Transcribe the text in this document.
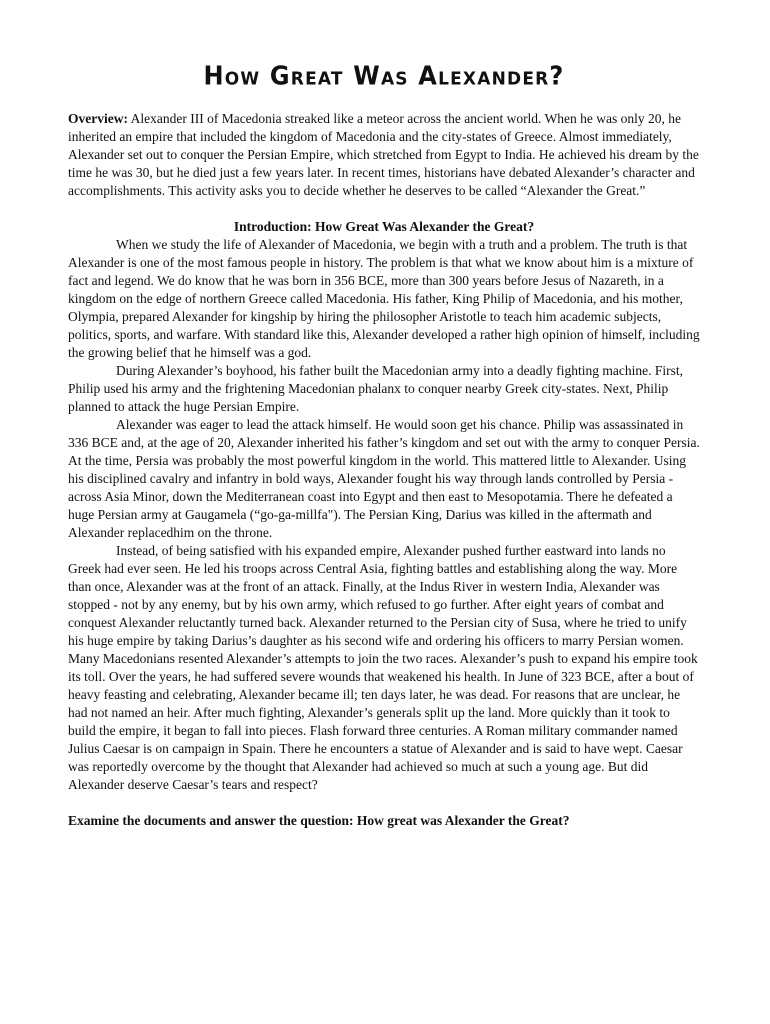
How Great Was Alexander?

Overview: Alexander III of Macedonia streaked like a meteor across the ancient world. When he was only 20, he inherited an empire that included the kingdom of Macedonia and the city-states of Greece. Almost immediately, Alexander set out to conquer the Persian Empire, which stretched from Egypt to India. He achieved his dream by the time he was 30, but he died just a few years later. In recent times, historians have debated Alexander’s character and accomplishments. This activity asks you to decide whether he deserves to be called “Alexander the Great.”

Introduction: How Great Was Alexander the Great?

When we study the life of Alexander of Macedonia, we begin with a truth and a problem. The truth is that Alexander is one of the most famous people in history. The problem is that what we know about him is a mixture of fact and legend. We do know that he was born in 356 BCE, more than 300 years before Jesus of Nazareth, in a kingdom on the edge of northern Greece called Macedonia. His father, King Philip of Macedonia, and his mother, Olympia, prepared Alexander for kingship by hiring the philosopher Aristotle to teach him academic subjects, politics, sports, and warfare. With standard like this, Alexander developed a rather high opinion of himself, including the growing belief that he himself was a god.

During Alexander’s boyhood, his father built the Macedonian army into a deadly fighting machine. First, Philip used his army and the frightening Macedonian phalanx to conquer nearby Greek city-states. Next, Philip planned to attack the huge Persian Empire.

Alexander was eager to lead the attack himself. He would soon get his chance. Philip was assassinated in 336 BCE and, at the age of 20, Alexander inherited his father’s kingdom and set out with the army to conquer Persia. At the time, Persia was probably the most powerful kingdom in the world. This mattered little to Alexander. Using his disciplined cavalry and infantry in bold ways, Alexander fought his way through lands controlled by Persia - across Asia Minor, down the Mediterranean coast into Egypt and then east to Mesopotamia. There he defeated a huge Persian army at Gaugamela (“go-ga-millfa"). The Persian King, Darius was killed in the aftermath and Alexander replacedhim on the throne.

Instead, of being satisfied with his expanded empire, Alexander pushed further eastward into lands no Greek had ever seen. He led his troops across Central Asia, fighting battles and establishing along the way. More than once, Alexander was at the front of an attack. Finally, at the Indus River in western India, Alexander was stopped - not by any enemy, but by his own army, which refused to go further. After eight years of combat and conquest Alexander reluctantly turned back. Alexander returned to the Persian city of Susa, where he tried to unify his huge empire by taking Darius’s daughter as his second wife and ordering his officers to marry Persian women. Many Macedonians resented Alexander’s attempts to join the two races. Alexander’s push to expand his empire took its toll. Over the years, he had suffered severe wounds that weakened his health. In June of 323 BCE, after a bout of heavy feasting and celebrating, Alexander became ill; ten days later, he was dead. For reasons that are unclear, he had not named an heir. After much fighting, Alexander’s generals split up the land. More quickly than it took to build the empire, it began to fall into pieces. Flash forward three centuries. A Roman military commander named Julius Caesar is on campaign in Spain. There he encounters a statue of Alexander and is said to have wept. Caesar was reportedly overcome by the thought that Alexander had achieved so much at such a young age. But did Alexander deserve Caesar’s tears and respect?

Examine the documents and answer the question: How great was Alexander the Great?
